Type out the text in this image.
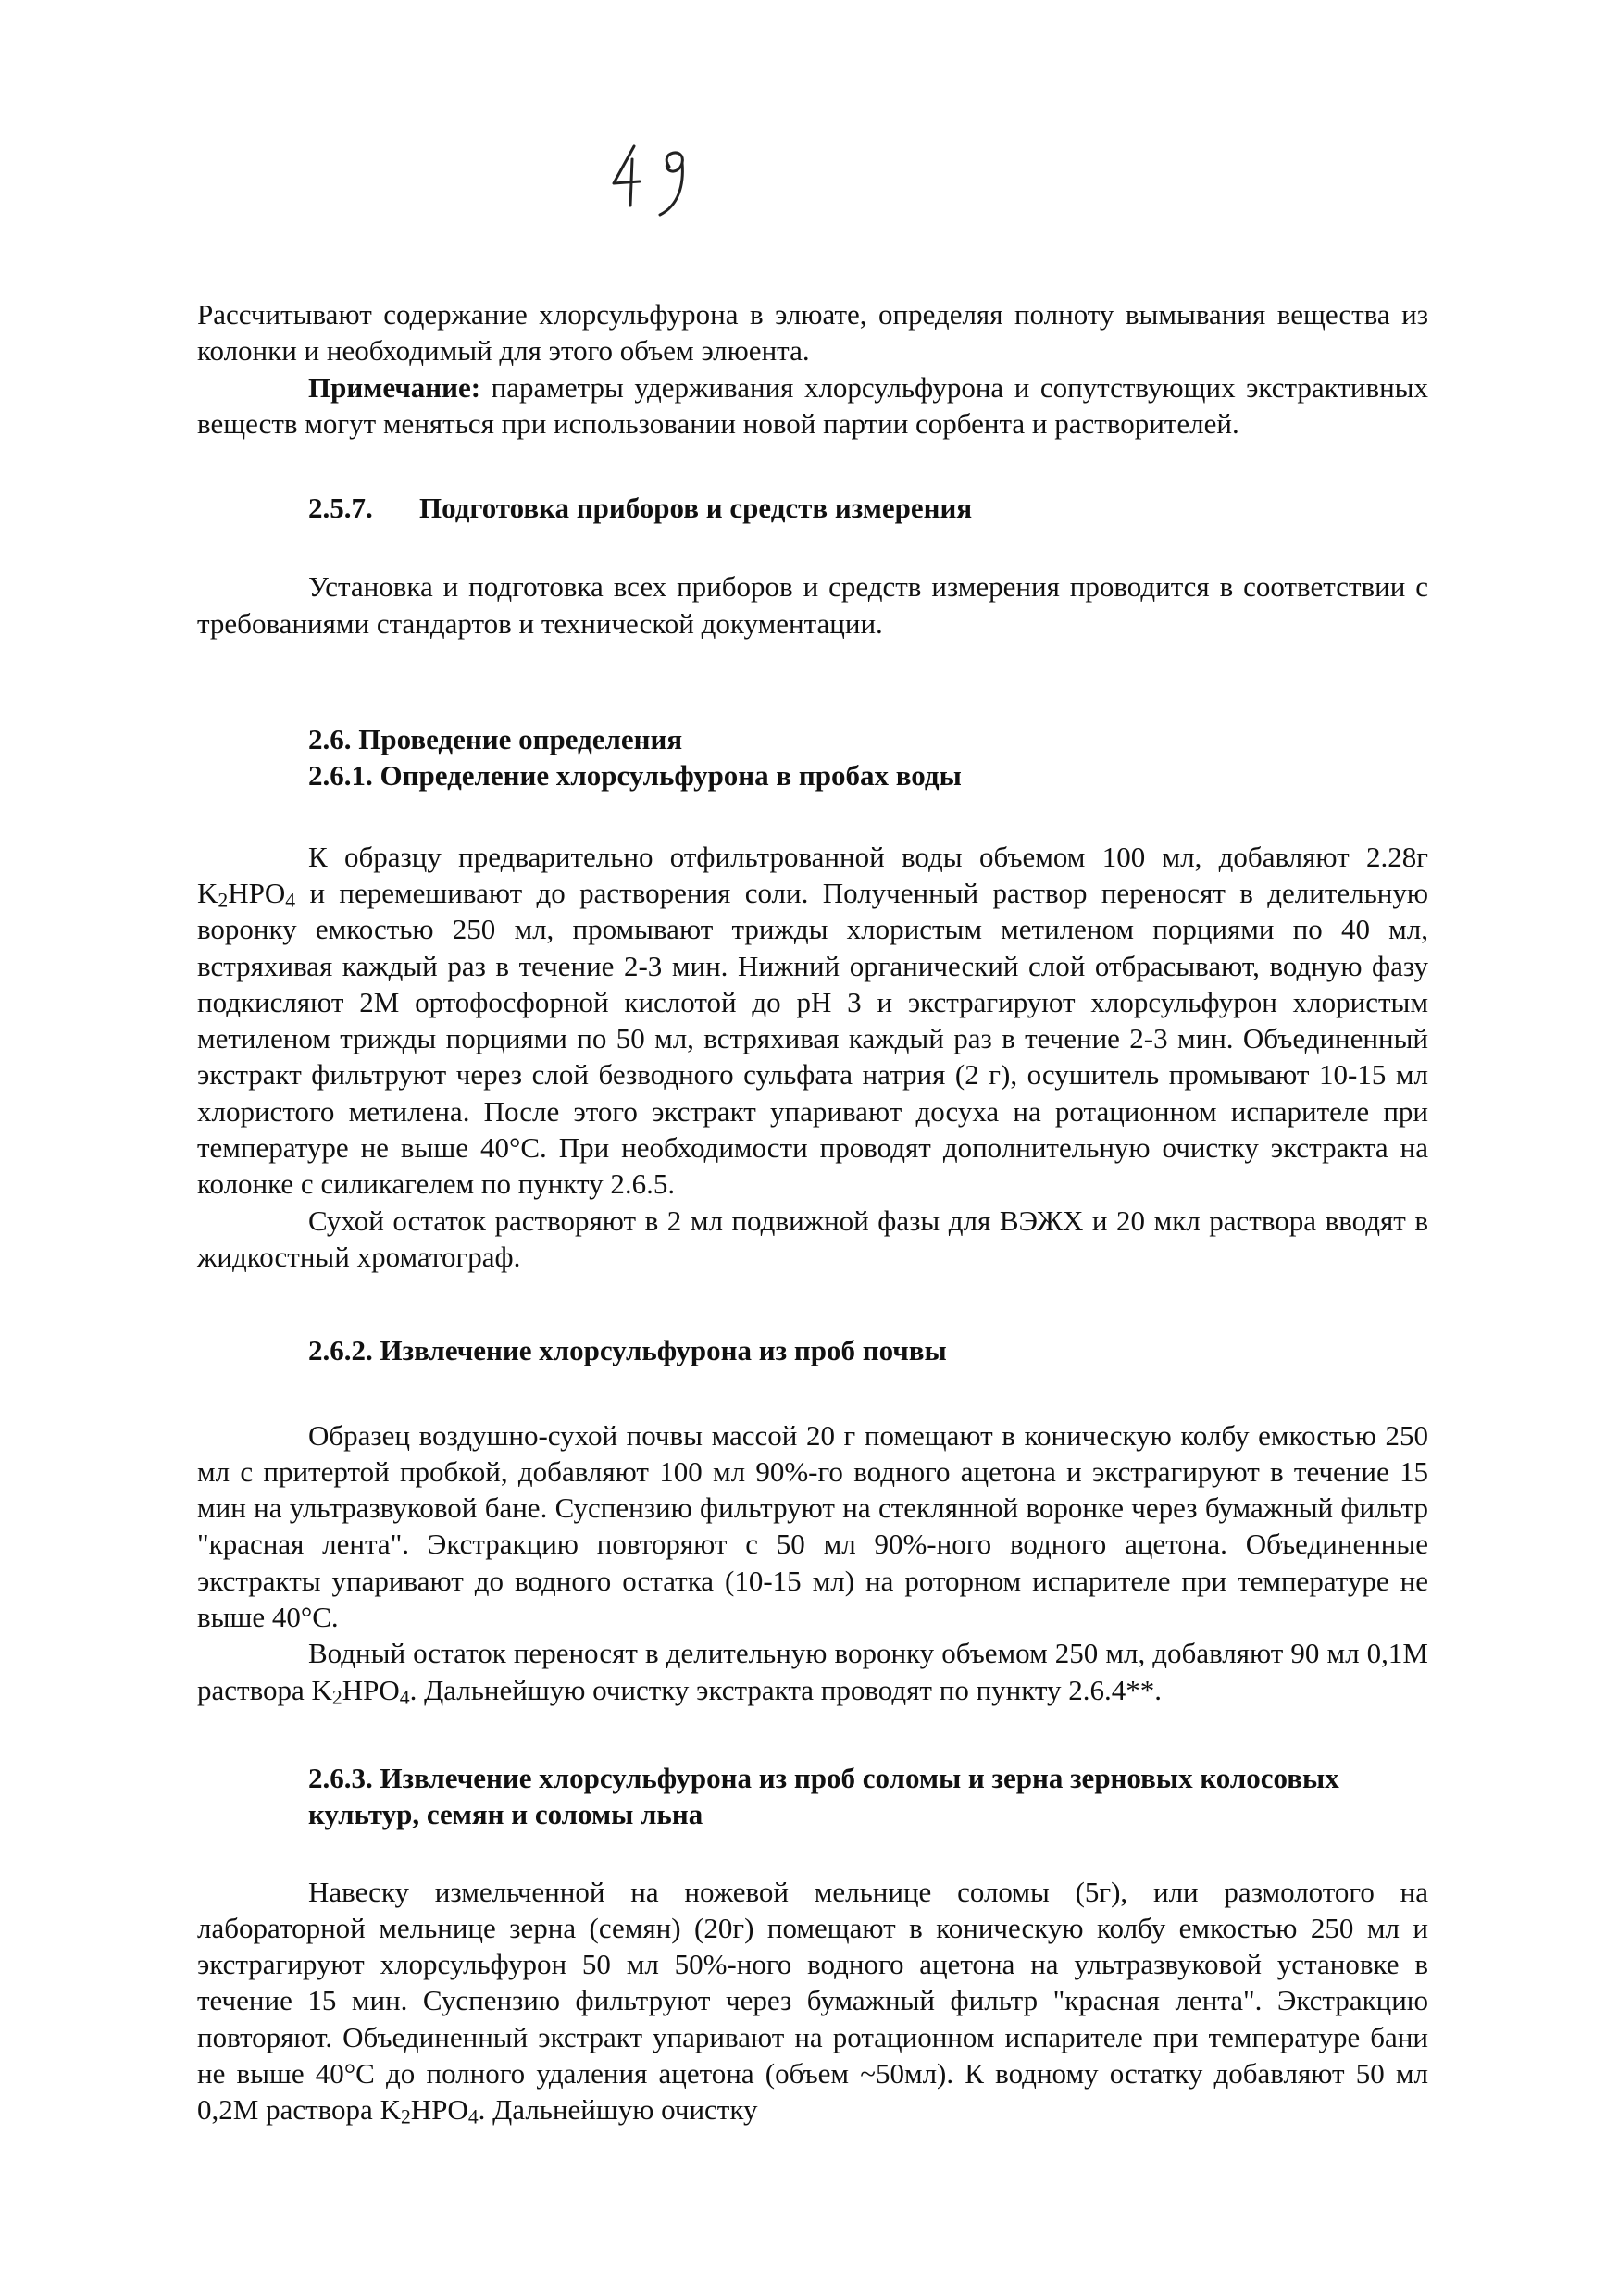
Рассчитывают содержание хлорсульфурона в элюате, определяя полноту вымывания вещества из колонки и необходимый для этого объем элюента.

Примечание: параметры удерживания хлорсульфурона и сопутствующих экстрактивных веществ могут меняться при использовании новой партии сорбента и растворителей.

2.5.7. Подготовка приборов и средств измерения

Установка и подготовка всех приборов и средств измерения проводится в соответствии с требованиями стандартов и технической документации.

2.6. Проведение определения

2.6.1. Определение хлорсульфурона в пробах воды

К образцу предварительно отфильтрованной воды объемом 100 мл, добавляют 2.28г $K_2HPO_4$ и перемешивают до растворения соли. Полученный раствор переносят в делительную воронку емкостью 250 мл, промывают трижды хлористым метиленом порциями по 40 мл, встряхивая каждый раз в течение 2-3 мин. Нижний органический слой отбрасывают, водную фазу подкисляют 2М ортофосфорной кислотой до pH 3 и экстрагируют хлорсульфурон хлористым метиленом трижды порциями по 50 мл, встряхивая каждый раз в течение 2-3 мин. Объединенный экстракт фильтруют через слой безводного сульфата натрия (2 г), осушитель промывают 10-15 мл хлористого метилена. После этого экстракт упаривают досуха на ротационном испарителе при температуре не выше 40°С. При необходимости проводят дополнительную очистку экстракта на колонке с силикагелем по пункту 2.6.5.

Сухой остаток растворяют в 2 мл подвижной фазы для ВЭЖХ и 20 мкл раствора вводят в жидкостный хроматограф.

2.6.2. Извлечение хлорсульфурона из проб почвы

Образец воздушно-сухой почвы массой 20 г помещают в коническую колбу емкостью 250 мл с притертой пробкой, добавляют 100 мл 90%-го водного ацетона и экстрагируют в течение 15 мин на ультразвуковой бане. Суспензию фильтруют на стеклянной воронке через бумажный фильтр "красная лента". Экстракцию повторяют с 50 мл 90%-ного водного ацетона. Объединенные экстракты упаривают до водного остатка (10-15 мл) на роторном испарителе при температуре не выше 40°С.

Водный остаток переносят в делительную воронку объемом 250 мл, добавляют 90 мл 0,1М раствора $K_2HPO_4$. Дальнейшую очистку экстракта проводят по пункту 2.6.4**.

2.6.3. Извлечение хлорсульфурона из проб соломы и зерна зерновых колосовых культур, семян и соломы льна

Навеску измельченной на ножевой мельнице соломы (5г), или размолотого на лабораторной мельнице зерна (семян) (20г) помещают в коническую колбу емкостью 250 мл и экстрагируют хлорсульфурон 50 мл 50%-ного водного ацетона на ультразвуковой установке в течение 15 мин. Суспензию фильтруют через бумажный фильтр "красная лента". Экстракцию повторяют. Объединенный экстракт упаривают на ротационном испарителе при температуре бани не выше 40°С до полного удаления ацетона (объем ~50мл). К водному остатку добавляют 50 мл 0,2М раствора $K_2HPO_4$. Дальнейшую очистку
